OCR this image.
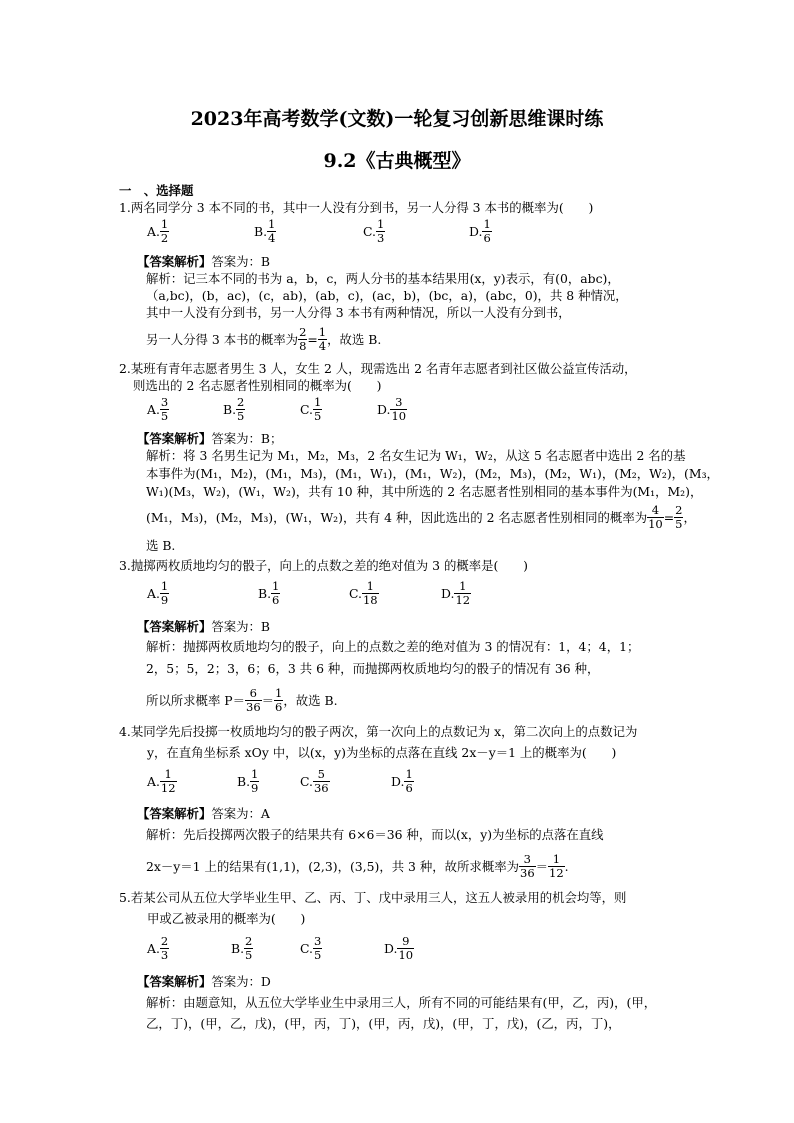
2023年高考数学(文数)一轮复习创新思维课时练
9.2《古典概型》
一　、选择题
1.两名同学分 3 本不同的书，其中一人没有分到书，另一人分得 3 本书的概率为(　　)
A. $\frac{1}{2}$	B. $\frac{1}{4}$	C. $\frac{1}{3}$	D. $\frac{1}{6}$
【答案解析】答案为：B
解析：记三本不同的书为 a，b，c，两人分书的基本结果用(x，y)表示，有(0，abc)，
（a,bc)，(b，ac)，(c，ab)，(ab，c)，(ac，b)，(bc，a)，(abc，0)，共 8 种情况，
其中一人没有分到书，另一人分得 3 本书有两种情况，所以一人没有分到书，
另一人分得 3 本书的概率为 $\frac{2}{8} = \frac{1}{4}$ ，故选 B.
2.某班有青年志愿者男生 3 人，女生 2 人，现需选出 2 名青年志愿者到社区做公益宣传活动，
则选出的 2 名志愿者性别相同的概率为(　　)
A. $\frac{3}{5}$	B. $\frac{2}{5}$	C. $\frac{1}{5}$	D. $\frac{3}{10}$
【答案解析】答案为：B；
解析：将 3 名男生记为 M₁，M₂，M₃，2 名女生记为 W₁，W₂，从这 5 名志愿者中选出 2 名的基
本事件为(M₁，M₂)，(M₁，M₃)，(M₁，W₁)，(M₁，W₂)，(M₂，M₃)，(M₂，W₁)，(M₂，W₂)，(M₃，
W₁)(M₃，W₂)，(W₁，W₂)，共有 10 种，其中所选的 2 名志愿者性别相同的基本事件为(M₁，M₂)，
(M₁，M₃)，(M₂，M₃)，(W₁，W₂)，共有 4 种，因此选出的 2 名志愿者性别相同的概率为 $\frac{4}{10} = \frac{2}{5}$ ，
选 B.
3.抛掷两枚质地均匀的骰子，向上的点数之差的绝对值为 3 的概率是(　　)
A. $\frac{1}{9}$	B. $\frac{1}{6}$	C. $\frac{1}{18}$	D. $\frac{1}{12}$
【答案解析】答案为：B
解析：抛掷两枚质地均匀的骰子，向上的点数之差的绝对值为 3 的情况有：1，4；4，1；
2，5；5，2；3，6；6，3 共 6 种，而抛掷两枚质地均匀的骰子的情况有 36 种，
所以所求概率 $P= \frac{6}{36} = \frac{1}{6}$ ，故选 B.
4.某同学先后投掷一枚质地均匀的骰子两次，第一次向上的点数记为 x，第二次向上的点数记为
y，在直角坐标系 xOy 中，以(x，y)为坐标的点落在直线 2x－y＝1 上的概率为(　　)
A. $\frac{1}{12}$	B. $\frac{1}{9}$	C. $\frac{5}{36}$	D. $\frac{1}{6}$
【答案解析】答案为：A
解析：先后投掷两次骰子的结果共有 6×6＝36 种，而以(x，y)为坐标的点落在直线
2x－y＝1 上的结果有(1,1)，(2,3)，(3,5)，共 3 种，故所求概率为 $\frac{3}{36} = \frac{1}{12}$ .
5.若某公司从五位大学毕业生甲、乙、丙、丁、戊中录用三人，这五人被录用的机会均等，则
甲或乙被录用的概率为(　　)
A. $\frac{2}{3}$	B. $\frac{2}{5}$	C. $\frac{3}{5}$	D. $\frac{9}{10}$
【答案解析】答案为：D
解析：由题意知，从五位大学毕业生中录用三人，所有不同的可能结果有(甲，乙，丙)，(甲，
乙，丁)，(甲，乙，戊)，(甲，丙，丁)，(甲，丙，戊)，(甲，丁，戊)，(乙，丙，丁)，
